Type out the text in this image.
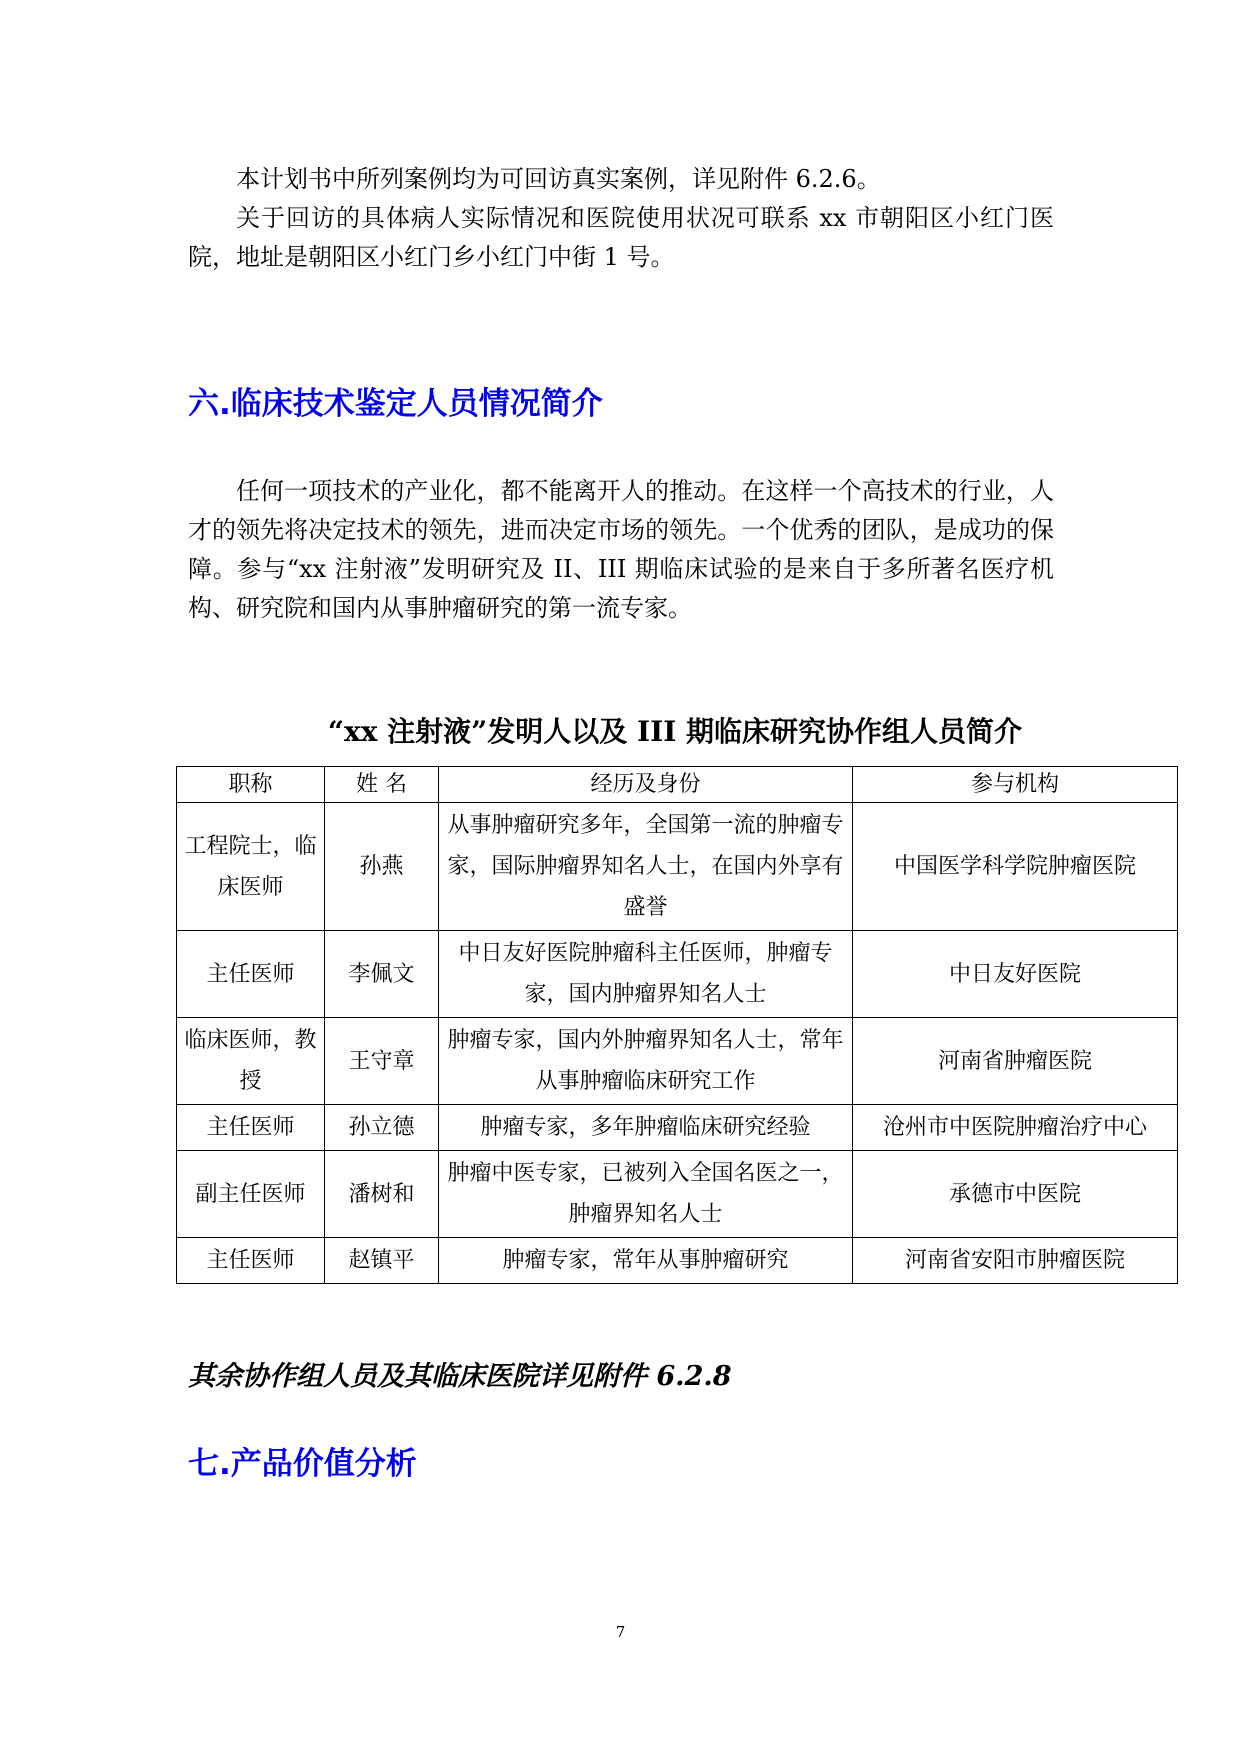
本计划书中所列案例均为可回访真实案例，详见附件 6.2.6。

关于回访的具体病人实际情况和医院使用状况可联系 xx 市朝阳区小红门医院，地址是朝阳区小红门乡小红门中街 1 号。

六.临床技术鉴定人员情况简介

任何一项技术的产业化，都不能离开人的推动。在这样一个高技术的行业，人才的领先将决定技术的领先，进而决定市场的领先。一个优秀的团队，是成功的保障。参与“xx 注射液”发明研究及 II、III 期临床试验的是来自于多所著名医疗机构、研究院和国内从事肿瘤研究的第一流专家。

“xx 注射液”发明人以及 III 期临床研究协作组人员简介

职称	姓 名	经历及身份	参与机构
工程院士，临床医师	孙燕	从事肿瘤研究多年，全国第一流的肿瘤专家，国际肿瘤界知名人士，在国内外享有盛誉	中国医学科学院肿瘤医院
主任医师	李佩文	中日友好医院肿瘤科主任医师，肿瘤专家，国内肿瘤界知名人士	中日友好医院
临床医师，教授	王守章	肿瘤专家，国内外肿瘤界知名人士，常年从事肿瘤临床研究工作	河南省肿瘤医院
主任医师	孙立德	肿瘤专家，多年肿瘤临床研究经验	沧州市中医院肿瘤治疗中心
副主任医师	潘树和	肿瘤中医专家，已被列入全国名医之一，肿瘤界知名人士	承德市中医院
主任医师	赵镇平	肿瘤专家，常年从事肿瘤研究	河南省安阳市肿瘤医院

其余协作组人员及其临床医院详见附件 6.2.8

七.产品价值分析

7
